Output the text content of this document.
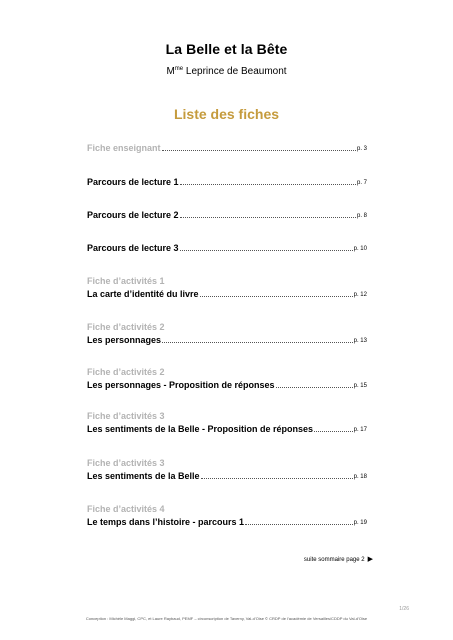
La Belle et la Bête
$M^{me}$ Leprince de Beaumont
Liste des fiches
Fiche enseignant	p. 3
Parcours de lecture 1	p. 7
Parcours de lecture 2	p. 8
Parcours de lecture 3	p. 10
Fiche d’activités 1
La carte d’identité du livre	p. 12
Fiche d’activités 2
Les personnages	p. 13
Fiche d’activités 2
Les personnages - Proposition de réponses	p. 15
Fiche d’activités 3
Les sentiments de la Belle - Proposition de réponses	p. 17
Fiche d’activités 3
Les sentiments de la Belle	p. 18
Fiche d’activités 4
Le temps dans l’histoire - parcours 1	p. 19
suite sommaire page 2 ▶
1/26
Conception : Michèle Maggi, CPC, et Laure Raybaud, PEMF – circonscription de Taverny, Val-d’Oise © CRDP de l’académie de Versailles/CDDP du Val-d’Oise
